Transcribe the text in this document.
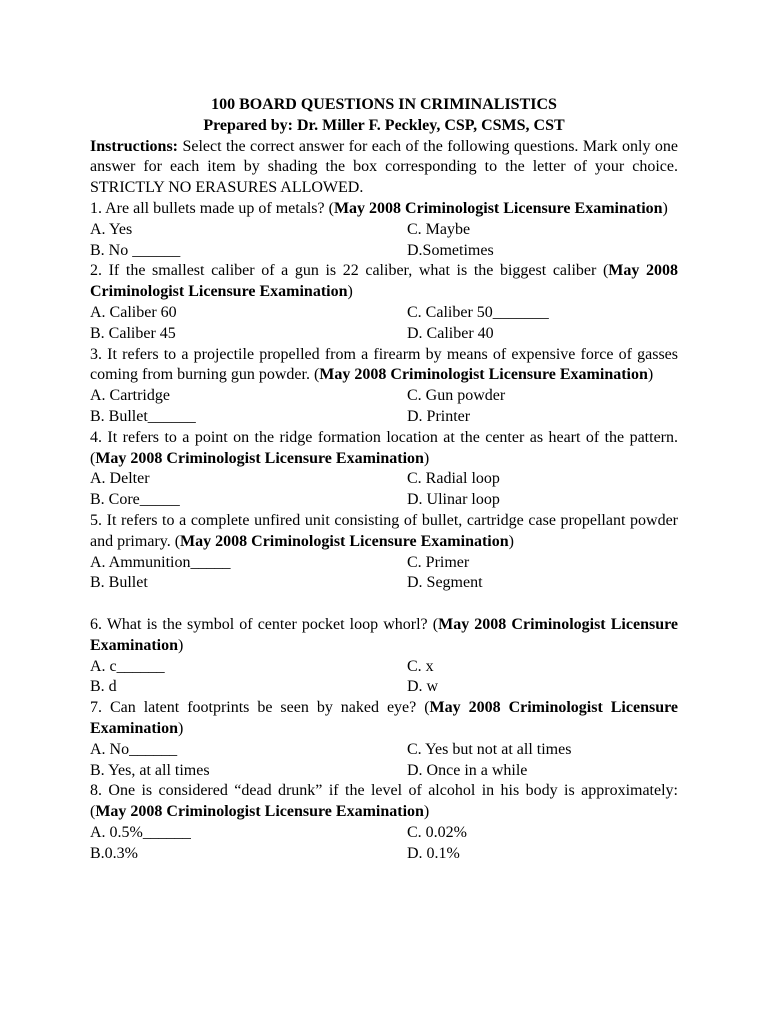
100 BOARD QUESTIONS IN CRIMINALISTICS
Prepared by: Dr. Miller F. Peckley, CSP, CSMS, CST
Instructions: Select the correct answer for each of the following questions. Mark only one answer for each item by shading the box corresponding to the letter of your choice. STRICTLY NO ERASURES ALLOWED.
1. Are all bullets made up of metals? (May 2008 Criminologist Licensure Examination)
A. Yes	C. Maybe
B. No ______	D.Sometimes
2. If the smallest caliber of a gun is 22 caliber, what is the biggest caliber (May 2008 Criminologist Licensure Examination)
A. Caliber 60	C. Caliber 50_______
B. Caliber 45	D. Caliber 40
3. It refers to a projectile propelled from a firearm by means of expensive force of gasses coming from burning gun powder. (May 2008 Criminologist Licensure Examination)
A. Cartridge	C. Gun powder
B. Bullet______	D. Printer
4. It refers to a point on the ridge formation location at the center as heart of the pattern. (May 2008 Criminologist Licensure Examination)
A. Delter	C. Radial loop
B. Core_____	D. Ulinar loop
5. It refers to a complete unfired unit consisting of bullet, cartridge case propellant powder and primary. (May 2008 Criminologist Licensure Examination)
A. Ammunition_____	C. Primer
B. Bullet	D. Segment
6. What is the symbol of center pocket loop whorl? (May 2008 Criminologist Licensure Examination)
A. c______	C. x
B. d	D. w
7. Can latent footprints be seen by naked eye? (May 2008 Criminologist Licensure Examination)
A. No______	C. Yes but not at all times
B. Yes, at all times	D. Once in a while
8. One is considered “dead drunk” if the level of alcohol in his body is approximately: (May 2008 Criminologist Licensure Examination)
A. 0.5%______	C. 0.02%
B.0.3%	D. 0.1%
